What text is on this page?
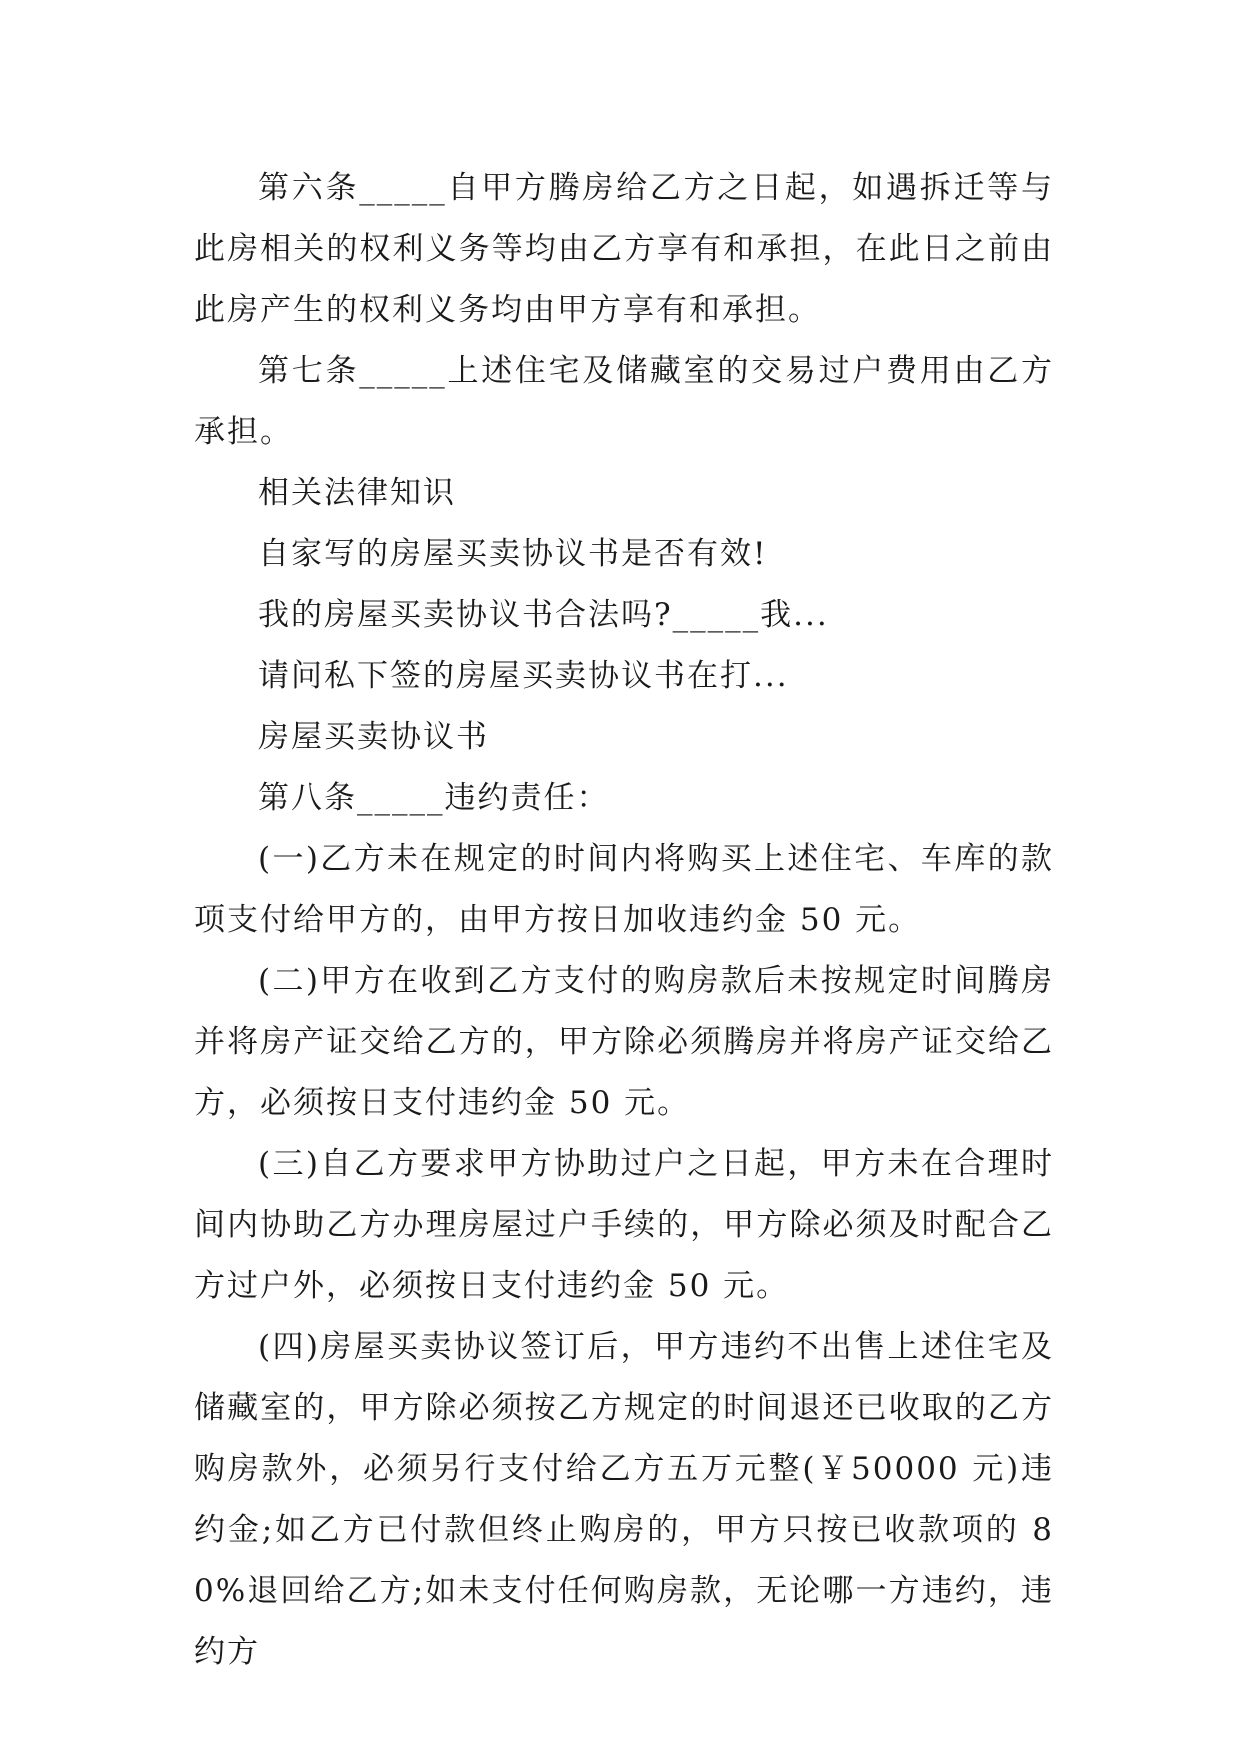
第六条_____自甲方腾房给乙方之日起，如遇拆迁等与此房相关的权利义务等均由乙方享有和承担，在此日之前由此房产生的权利义务均由甲方享有和承担。

第七条_____上述住宅及储藏室的交易过户费用由乙方承担。

相关法律知识

自家写的房屋买卖协议书是否有效!

我的房屋买卖协议书合法吗?_____我...

请问私下签的房屋买卖协议书在打...

房屋买卖协议书

第八条_____违约责任：

(一)乙方未在规定的时间内将购买上述住宅、车库的款项支付给甲方的，由甲方按日加收违约金 50 元。

(二)甲方在收到乙方支付的购房款后未按规定时间腾房并将房产证交给乙方的，甲方除必须腾房并将房产证交给乙方，必须按日支付违约金 50 元。

(三)自乙方要求甲方协助过户之日起，甲方未在合理时间内协助乙方办理房屋过户手续的，甲方除必须及时配合乙方过户外，必须按日支付违约金 50 元。

(四)房屋买卖协议签订后，甲方违约不出售上述住宅及储藏室的，甲方除必须按乙方规定的时间退还已收取的乙方购房款外，必须另行支付给乙方五万元整(￥50000 元)违约金;如乙方已付款但终止购房的，甲方只按已收款项的 80%退回给乙方;如未支付任何购房款，无论哪一方违约，违约方
